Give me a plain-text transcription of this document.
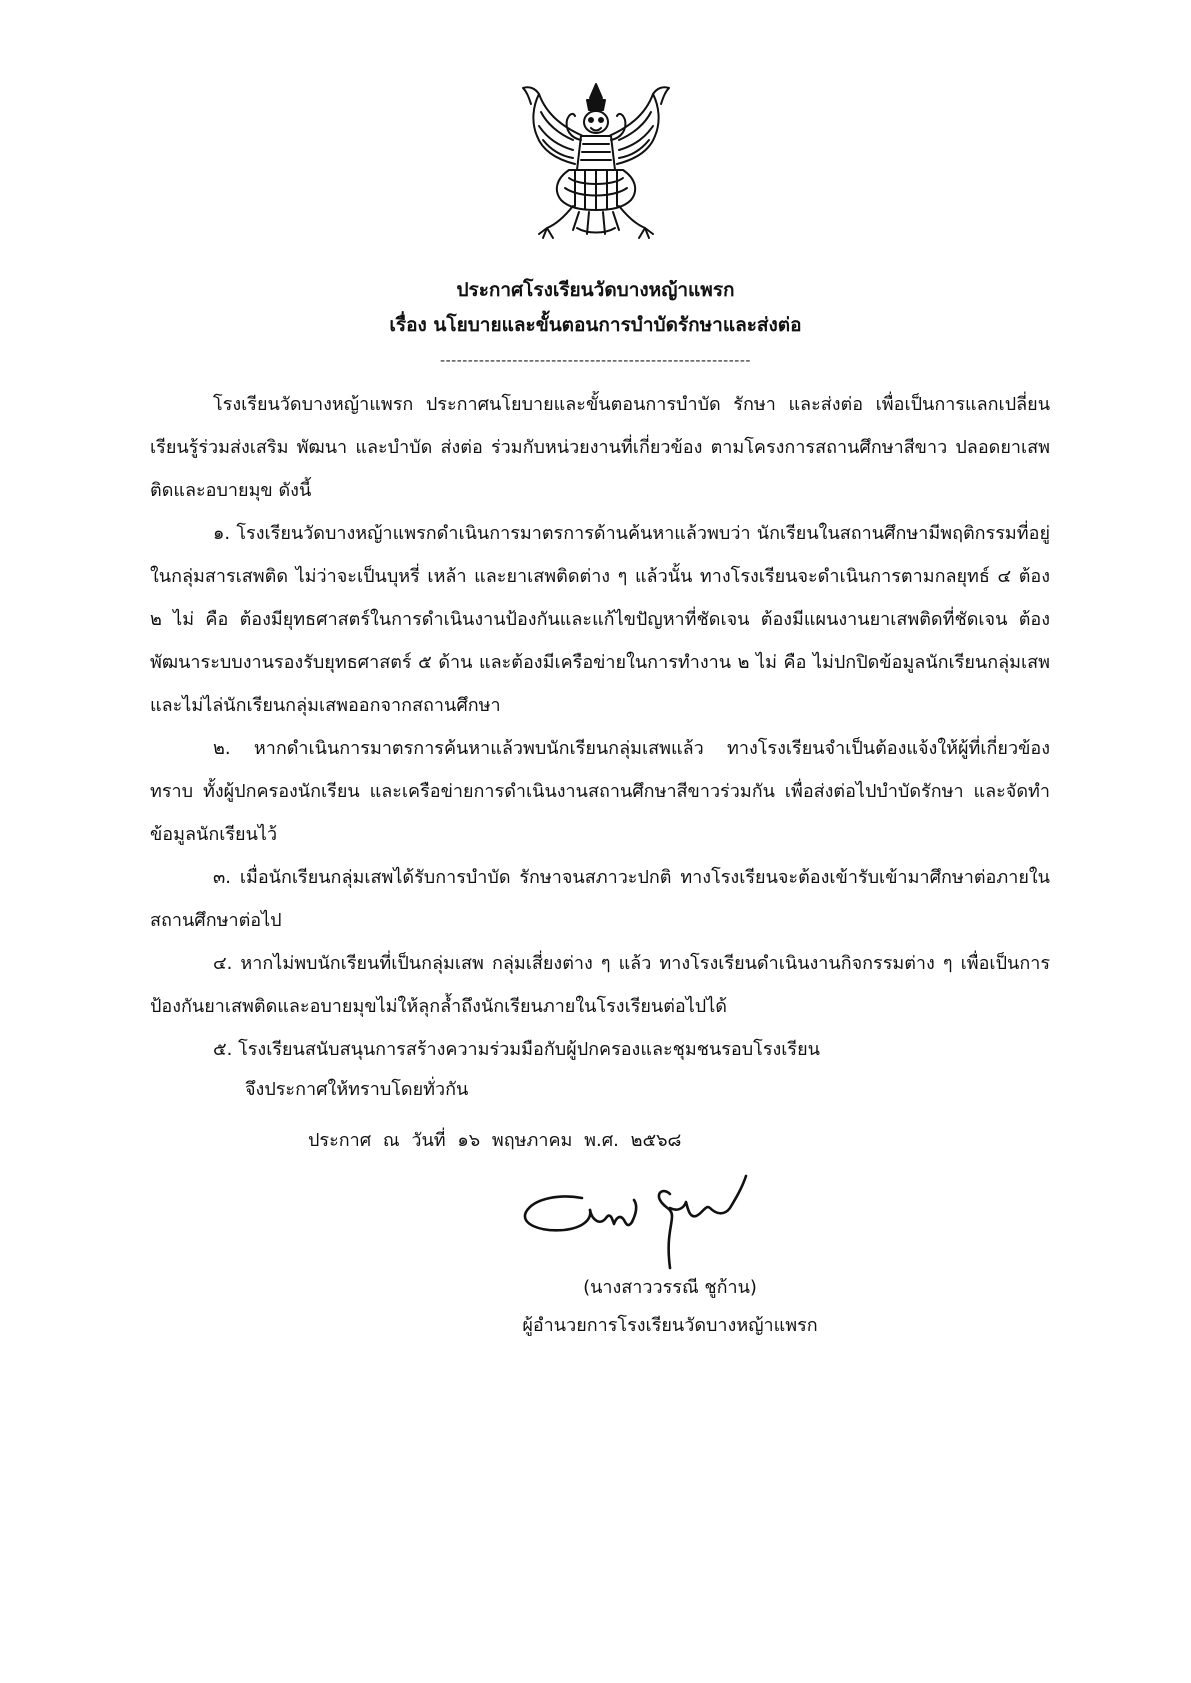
ประกาศโรงเรียนวัดบางหญ้าแพรก
เรื่อง นโยบายและขั้นตอนการบำบัดรักษาและส่งต่อ
--------------------------------------------------------

โรงเรียนวัดบางหญ้าแพรก ประกาศนโยบายและขั้นตอนการบำบัด รักษา และส่งต่อ เพื่อเป็นการแลกเปลี่ยนเรียนรู้ร่วมส่งเสริม พัฒนา และบำบัด ส่งต่อ ร่วมกับหน่วยงานที่เกี่ยวข้อง ตามโครงการสถานศึกษาสีขาว ปลอดยาเสพติดและอบายมุข ดังนี้

๑. โรงเรียนวัดบางหญ้าแพรกดำเนินการมาตรการด้านค้นหาแล้วพบว่า นักเรียนในสถานศึกษามีพฤติกรรมที่อยู่ในกลุ่มสารเสพติด ไม่ว่าจะเป็นบุหรี่ เหล้า และยาเสพติดต่าง ๆ แล้วนั้น ทางโรงเรียนจะดำเนินการตามกลยุทธ์ ๔ ต้อง ๒ ไม่ คือ ต้องมียุทธศาสตร์ในการดำเนินงานป้องกันและแก้ไขปัญหาที่ชัดเจน ต้องมีแผนงานยาเสพติดที่ชัดเจน ต้องพัฒนาระบบงานรองรับยุทธศาสตร์ ๕ ด้าน และต้องมีเครือข่ายในการทำงาน ๒ ไม่ คือ ไม่ปกปิดข้อมูลนักเรียนกลุ่มเสพ และไม่ไล่นักเรียนกลุ่มเสพออกจากสถานศึกษา

๒. หากดำเนินการมาตรการค้นหาแล้วพบนักเรียนกลุ่มเสพแล้ว ทางโรงเรียนจำเป็นต้องแจ้งให้ผู้ที่เกี่ยวข้องทราบ ทั้งผู้ปกครองนักเรียน และเครือข่ายการดำเนินงานสถานศึกษาสีขาวร่วมกัน เพื่อส่งต่อไปบำบัดรักษา และจัดทำข้อมูลนักเรียนไว้

๓. เมื่อนักเรียนกลุ่มเสพได้รับการบำบัด รักษาจนสภาวะปกติ ทางโรงเรียนจะต้องเข้ารับเข้ามาศึกษาต่อภายในสถานศึกษาต่อไป

๔. หากไม่พบนักเรียนที่เป็นกลุ่มเสพ กลุ่มเสี่ยงต่าง ๆ แล้ว ทางโรงเรียนดำเนินงานกิจกรรมต่าง ๆ เพื่อเป็นการป้องกันยาเสพติดและอบายมุขไม่ให้ลุกล้ำถึงนักเรียนภายในโรงเรียนต่อไปได้

๕. โรงเรียนสนับสนุนการสร้างความร่วมมือกับผู้ปกครองและชุมชนรอบโรงเรียน

จึงประกาศให้ทราบโดยทั่วกัน
ประกาศ ณ วันที่ ๑๖ พฤษภาคม พ.ศ. ๒๕๖๘
(นางสาววรรณี ชูก้าน)
ผู้อำนวยการโรงเรียนวัดบางหญ้าแพรก
